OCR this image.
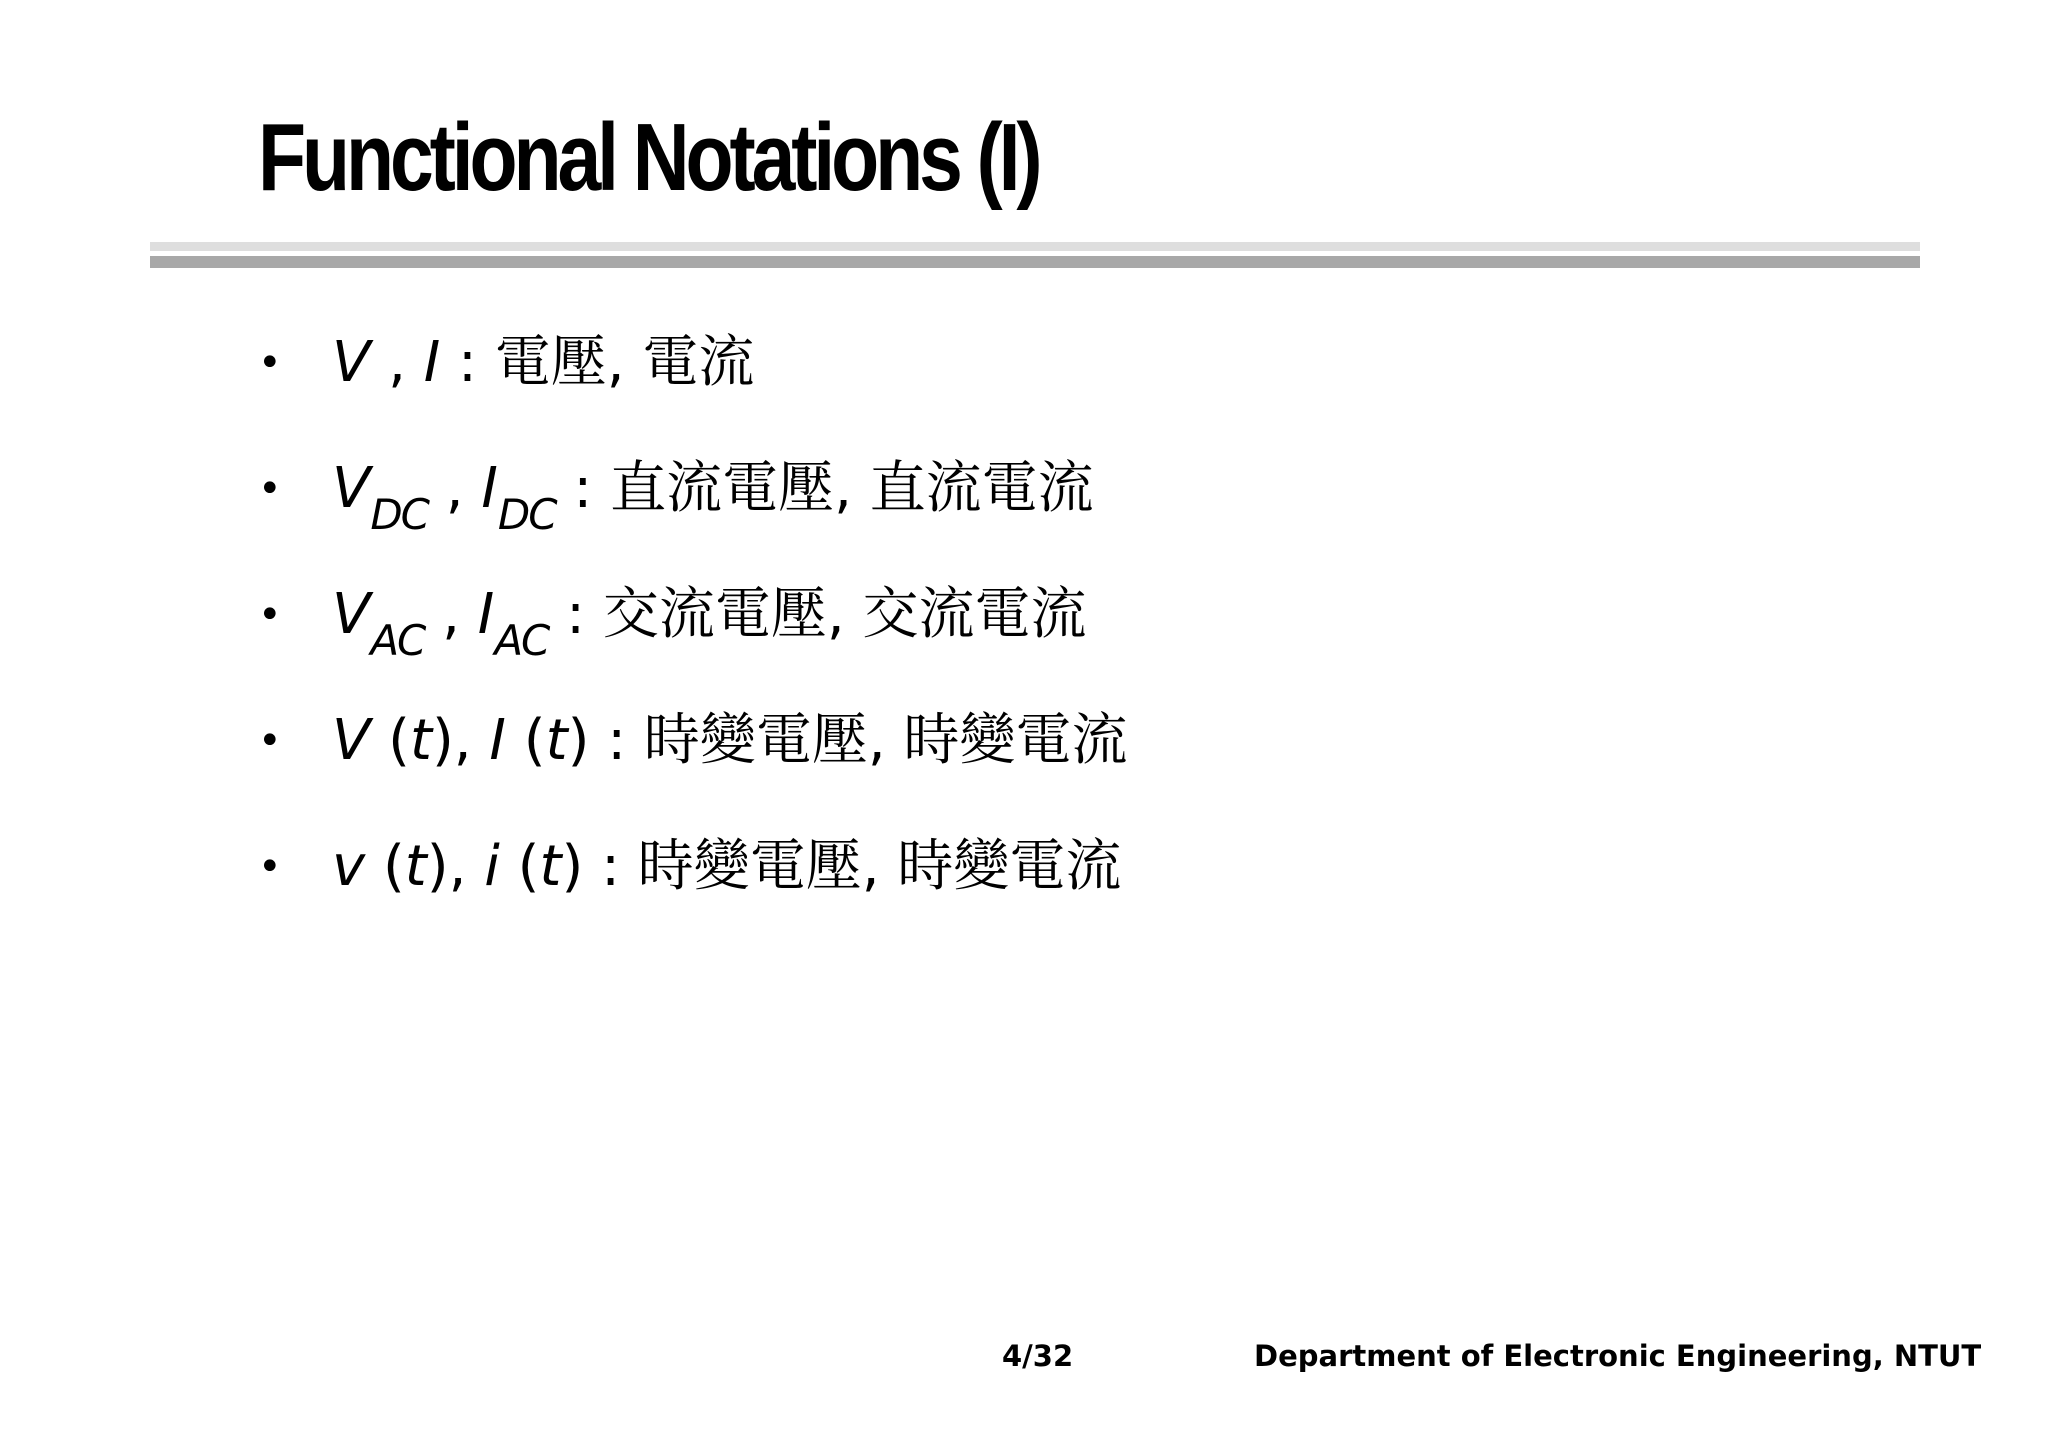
Functional Notations (I)
• V , I : 電壓, 電流
• $V_{DC}$ , $I_{DC}$ : 直流電壓, 直流電流
• $V_{AC}$ , $I_{AC}$ : 交流電壓, 交流電流
• V (t), I (t) : 時變電壓, 時變電流
• v (t), i (t) : 時變電壓, 時變電流
4/32	Department of Electronic Engineering, NTUT
